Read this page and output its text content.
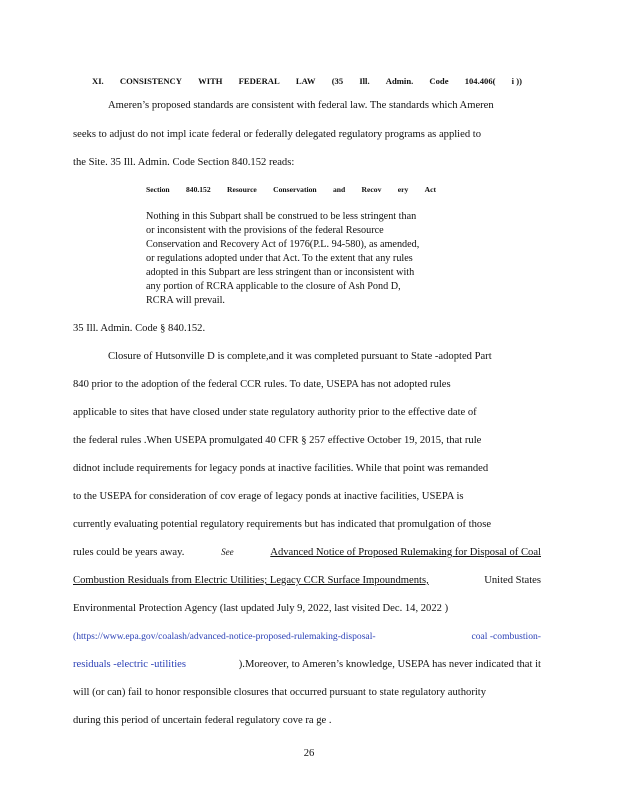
XI. CONSISTENCY WITH FEDERAL LAW (35 Ill. Admin. Code 104.406( i ))
Ameren’s proposed standards are consistent with federal law. The standards which Ameren
seeks to adjust do not impl icate federal or federally delegated regulatory programs as applied to
the Site. 35 Ill. Admin. Code Section 840.152 reads:
Section 840.152 Resource Conservation and Recov ery Act
Nothing in this Subpart shall be construed to be less stringent than
or inconsistent with the provisions of the federal Resource
Conservation and Recovery Act of 1976(P.L. 94-580), as amended,
or regulations adopted under that Act. To the extent that any rules
adopted in this Subpart are less stringent than or inconsistent with
any portion of RCRA applicable to the closure of Ash Pond D,
RCRA will prevail.
35 Ill. Admin. Code § 840.152.
Closure of Hutsonville D is complete,and it was completed pursuant to State -adopted Part
840 prior to the adoption of the federal CCR rules. To date, USEPA has not adopted rules
applicable to sites that have closed under state regulatory authority prior to the effective date of
the federal rules .When USEPA promulgated 40 CFR § 257 effective October 19, 2015, that rule
didnot include requirements for legacy ponds at inactive facilities. While that point was remanded
to the USEPA for consideration of cov erage of legacy ponds at inactive facilities, USEPA is
currently evaluating potential regulatory requirements but has indicated that promulgation of those
rules could be years away.	See	Advanced Notice of Proposed Rulemaking for Disposal of Coal
Combustion Residuals from Electric Utilities; Legacy CCR Surface Impoundments,	United States
Environmental Protection Agency (last updated July 9, 2022, last visited Dec. 14, 2022 )
(https://www.epa.gov/coalash/advanced-notice-proposed-rulemaking-disposal-	coal -combustion-
residuals -electric -utilities	).Moreover, to Ameren’s knowledge, USEPA has never indicated that it
will (or can) fail to honor responsible closures that occurred pursuant to state regulatory authority
during this period of uncertain federal regulatory cove ra ge .
26
